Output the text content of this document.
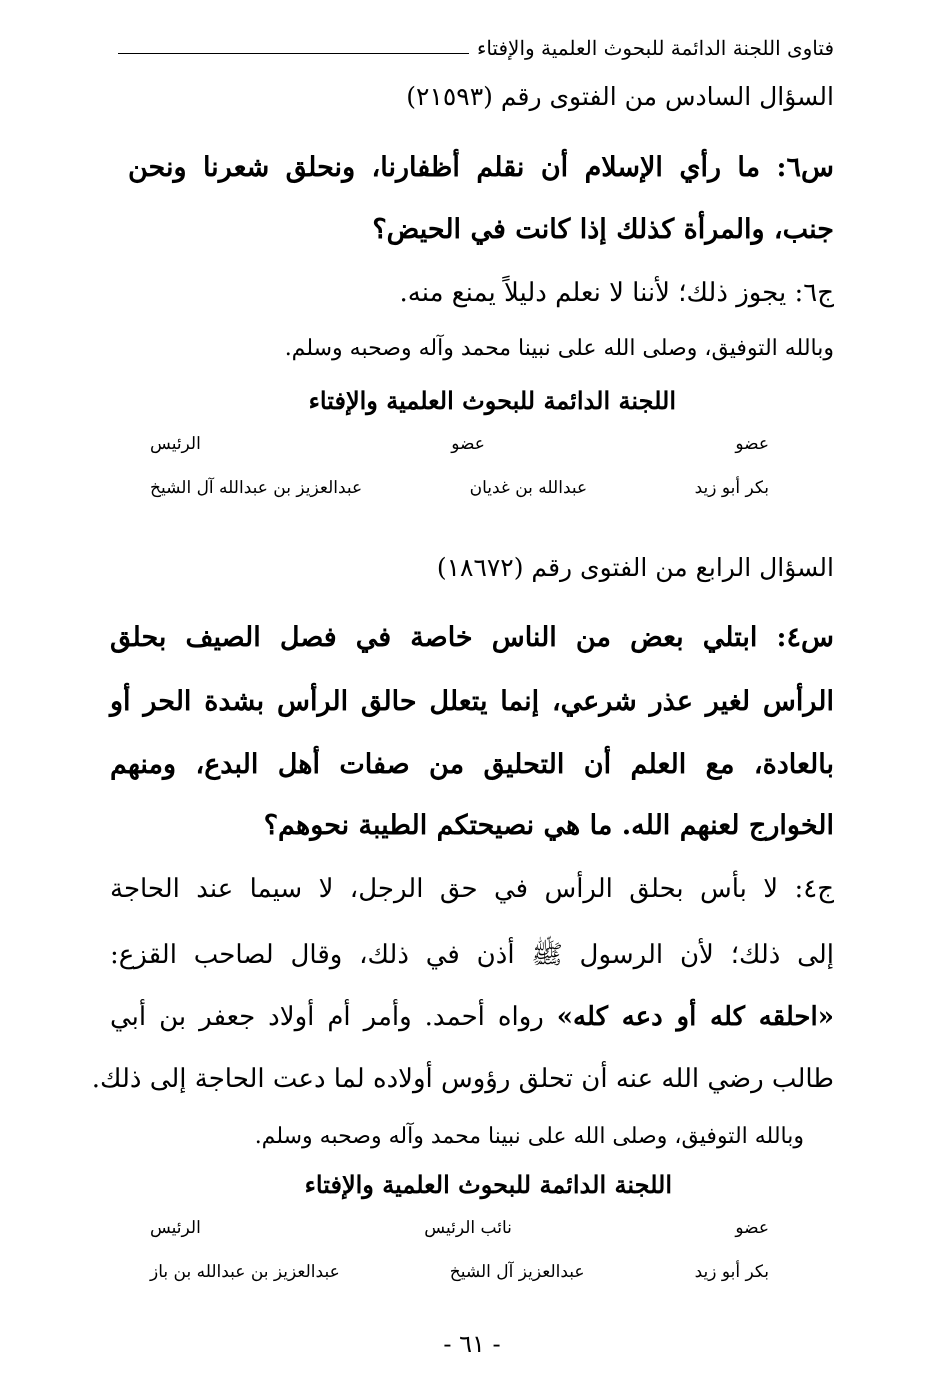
فتاوى اللجنة الدائمة للبحوث العلمية والإفتاء
السؤال السادس من الفتوى رقم (٢١٥٩٣)
س٦: ما رأي الإسلام أن نقلم أظفارنا، ونحلق شعرنا ونحن
جنب، والمرأة كذلك إذا كانت في الحيض؟
ج٦: يجوز ذلك؛ لأننا لا نعلم دليلاً يمنع منه.
وبالله التوفيق، وصلى الله على نبينا محمد وآله وصحبه وسلم.
اللجنة الدائمة للبحوث العلمية والإفتاء
عضو
عضو
الرئيس
بكر أبو زيد
عبدالله بن غديان
عبدالعزيز بن عبدالله آل الشيخ
السؤال الرابع من الفتوى رقم (١٨٦٧٢)
س٤: ابتلي بعض من الناس خاصة في فصل الصيف بحلق
الرأس لغير عذر شرعي، إنما يتعلل حالق الرأس بشدة الحر أو
بالعادة، مع العلم أن التحليق من صفات أهل البدع، ومنهم
الخوارج لعنهم الله. ما هي نصيحتكم الطيبة نحوهم؟
ج٤: لا بأس بحلق الرأس في حق الرجل، لا سيما عند الحاجة
إلى ذلك؛ لأن الرسول ﷺ أذن في ذلك، وقال لصاحب القزع:
«احلقه كله أو دعه كله» رواه أحمد. وأمر أم أولاد جعفر بن أبي
طالب رضي الله عنه أن تحلق رؤوس أولاده لما دعت الحاجة إلى ذلك.
وبالله التوفيق، وصلى الله على نبينا محمد وآله وصحبه وسلم.
اللجنة الدائمة للبحوث العلمية والإفتاء
عضو
نائب الرئيس
الرئيس
بكر أبو زيد
عبدالعزيز آل الشيخ
عبدالعزيز بن عبدالله بن باز
- ٦١ -
